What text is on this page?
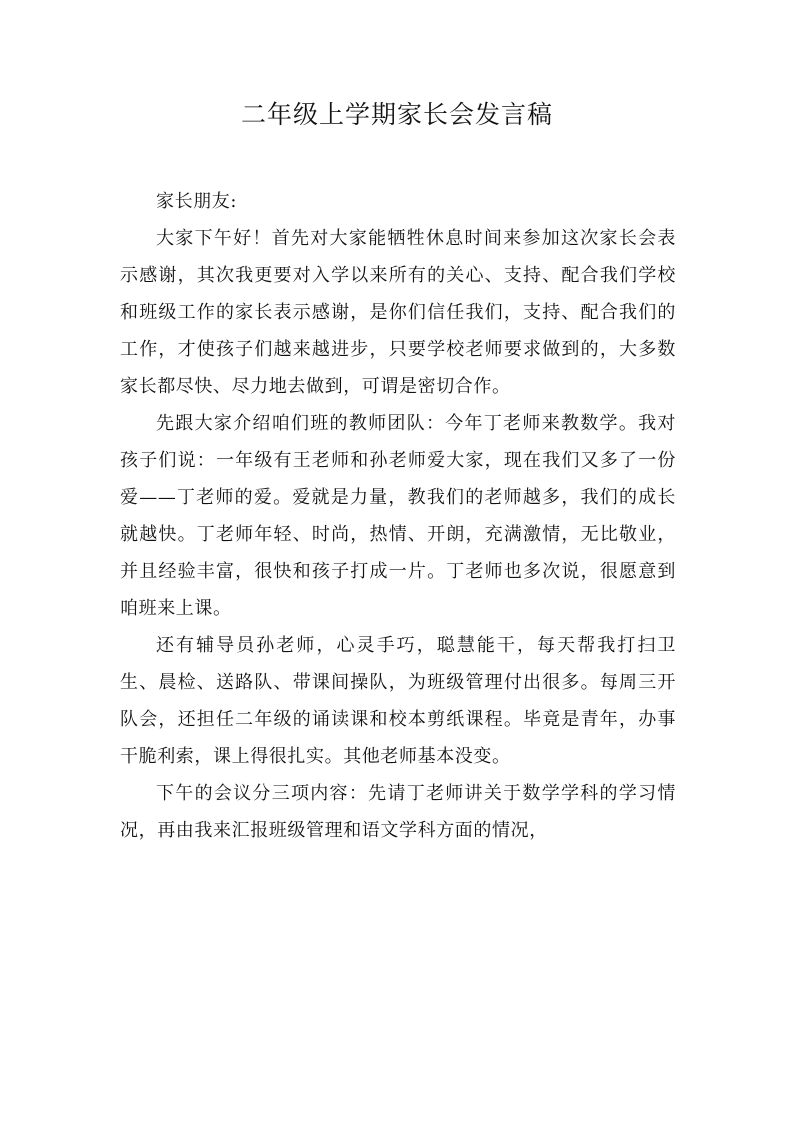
二年级上学期家长会发言稿

家长朋友:

大家下午好！首先对大家能牺牲休息时间来参加这次家长会表示感谢，其次我更要对入学以来所有的关心、支持、配合我们学校和班级工作的家长表示感谢，是你们信任我们，支持、配合我们的工作，才使孩子们越来越进步，只要学校老师要求做到的，大多数家长都尽快、尽力地去做到，可谓是密切合作。

先跟大家介绍咱们班的教师团队：今年丁老师来教数学。我对孩子们说：一年级有王老师和孙老师爱大家，现在我们又多了一份爱——丁老师的爱。爱就是力量，教我们的老师越多，我们的成长就越快。丁老师年轻、时尚，热情、开朗，充满激情，无比敬业，并且经验丰富，很快和孩子打成一片。丁老师也多次说，很愿意到咱班来上课。

还有辅导员孙老师，心灵手巧，聪慧能干，每天帮我打扫卫生、晨检、送路队、带课间操队，为班级管理付出很多。每周三开队会，还担任二年级的诵读课和校本剪纸课程。毕竟是青年，办事干脆利索，课上得很扎实。其他老师基本没变。

下午的会议分三项内容：先请丁老师讲关于数学学科的学习情况，再由我来汇报班级管理和语文学科方面的情况，
